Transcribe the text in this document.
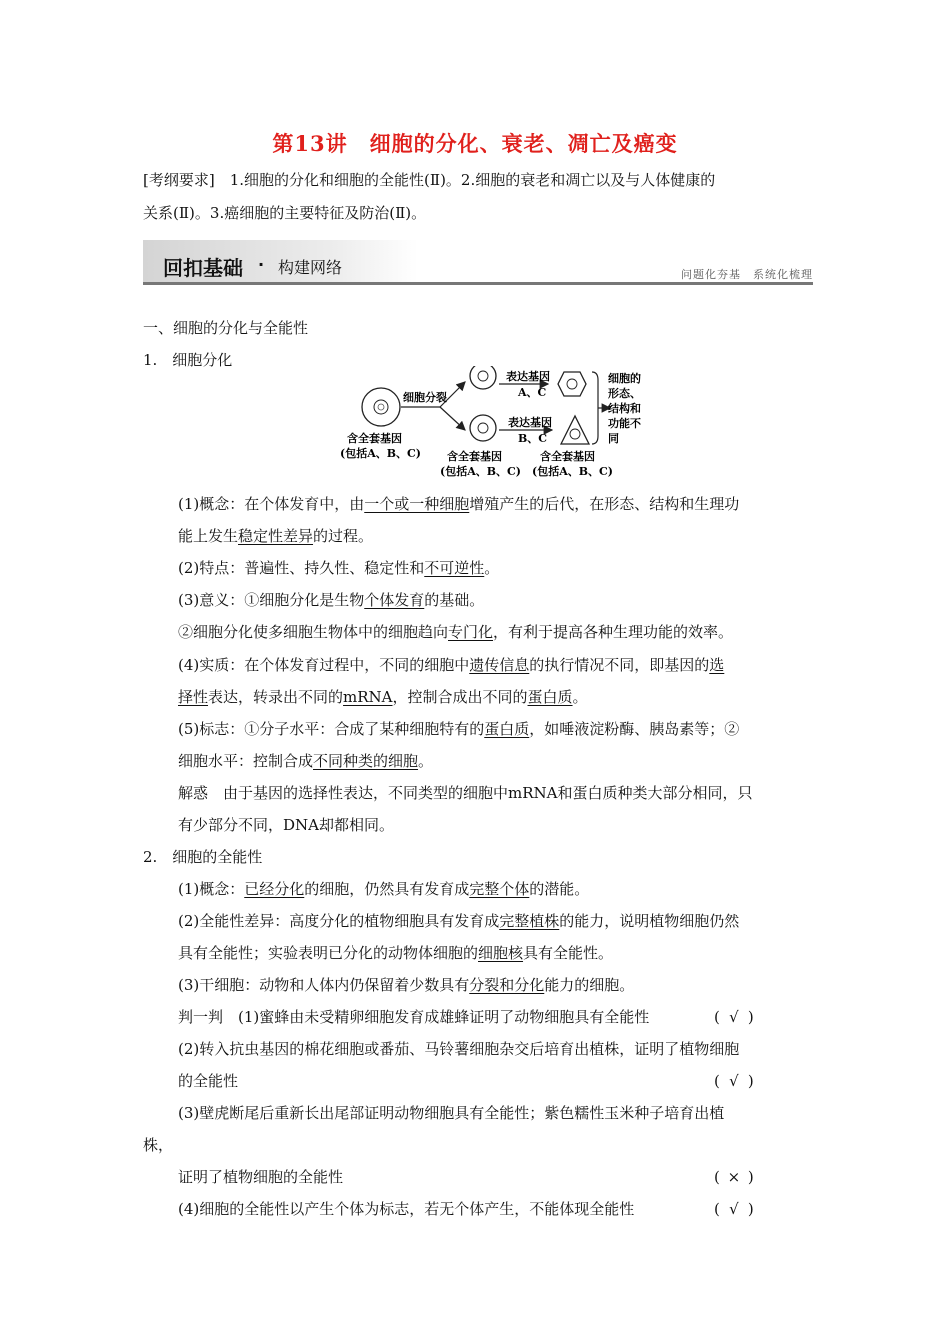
第13讲　细胞的分化、衰老、凋亡及癌变
[考纲要求]　1.细胞的分化和细胞的全能性(Ⅱ)。2.细胞的衰老和凋亡以及与人体健康的
关系(Ⅱ)。3.癌细胞的主要特征及防治(Ⅱ)。
回扣基础 · 构建网络	问题化夯基　系统化梳理
一、细胞的分化与全能性
1.　细胞分化
细胞分裂
表达基因
A、C
表达基因
B、C
细胞的
形态、
结构和
功能不
同
含全套基因
(包括A、B、C) 含全套基因
(包括A、B、C)
含全套基因
(包括A、B、C)
(1)概念：在个体发育中，由一个或一种细胞增殖产生的后代，在形态、结构和生理功
能上发生稳定性差异的过程。
(2)特点：普遍性、持久性、稳定性和不可逆性。
(3)意义：①细胞分化是生物个体发育的基础。
②细胞分化使多细胞生物体中的细胞趋向专门化，有利于提高各种生理功能的效率。
(4)实质：在个体发育过程中，不同的细胞中遗传信息的执行情况不同，即基因的选
择性表达，转录出不同的mRNA，控制合成出不同的蛋白质。
(5)标志：①分子水平：合成了某种细胞特有的蛋白质，如唾液淀粉酶、胰岛素等；②
细胞水平：控制合成不同种类的细胞。
解惑　由于基因的选择性表达，不同类型的细胞中mRNA和蛋白质种类大部分相同，只
有少部分不同，DNA却都相同。
2.　细胞的全能性
(1)概念：已经分化的细胞，仍然具有发育成完整个体的潜能。
(2)全能性差异：高度分化的植物细胞具有发育成完整植株的能力，说明植物细胞仍然
具有全能性；实验表明已分化的动物体细胞的细胞核具有全能性。
(3)干细胞：动物和人体内仍保留着少数具有分裂和分化能力的细胞。
判一判　(1)蜜蜂由未受精卵细胞发育成雄蜂证明了动物细胞具有全能性	( √ )
(2)转入抗虫基因的棉花细胞或番茄、马铃薯细胞杂交后培育出植株，证明了植物细胞
的全能性	( √ )
(3)壁虎断尾后重新长出尾部证明动物细胞具有全能性；紫色糯性玉米种子培育出植
株，
证明了植物细胞的全能性	( × )
(4)细胞的全能性以产生个体为标志，若无个体产生，不能体现全能性	( √ )
